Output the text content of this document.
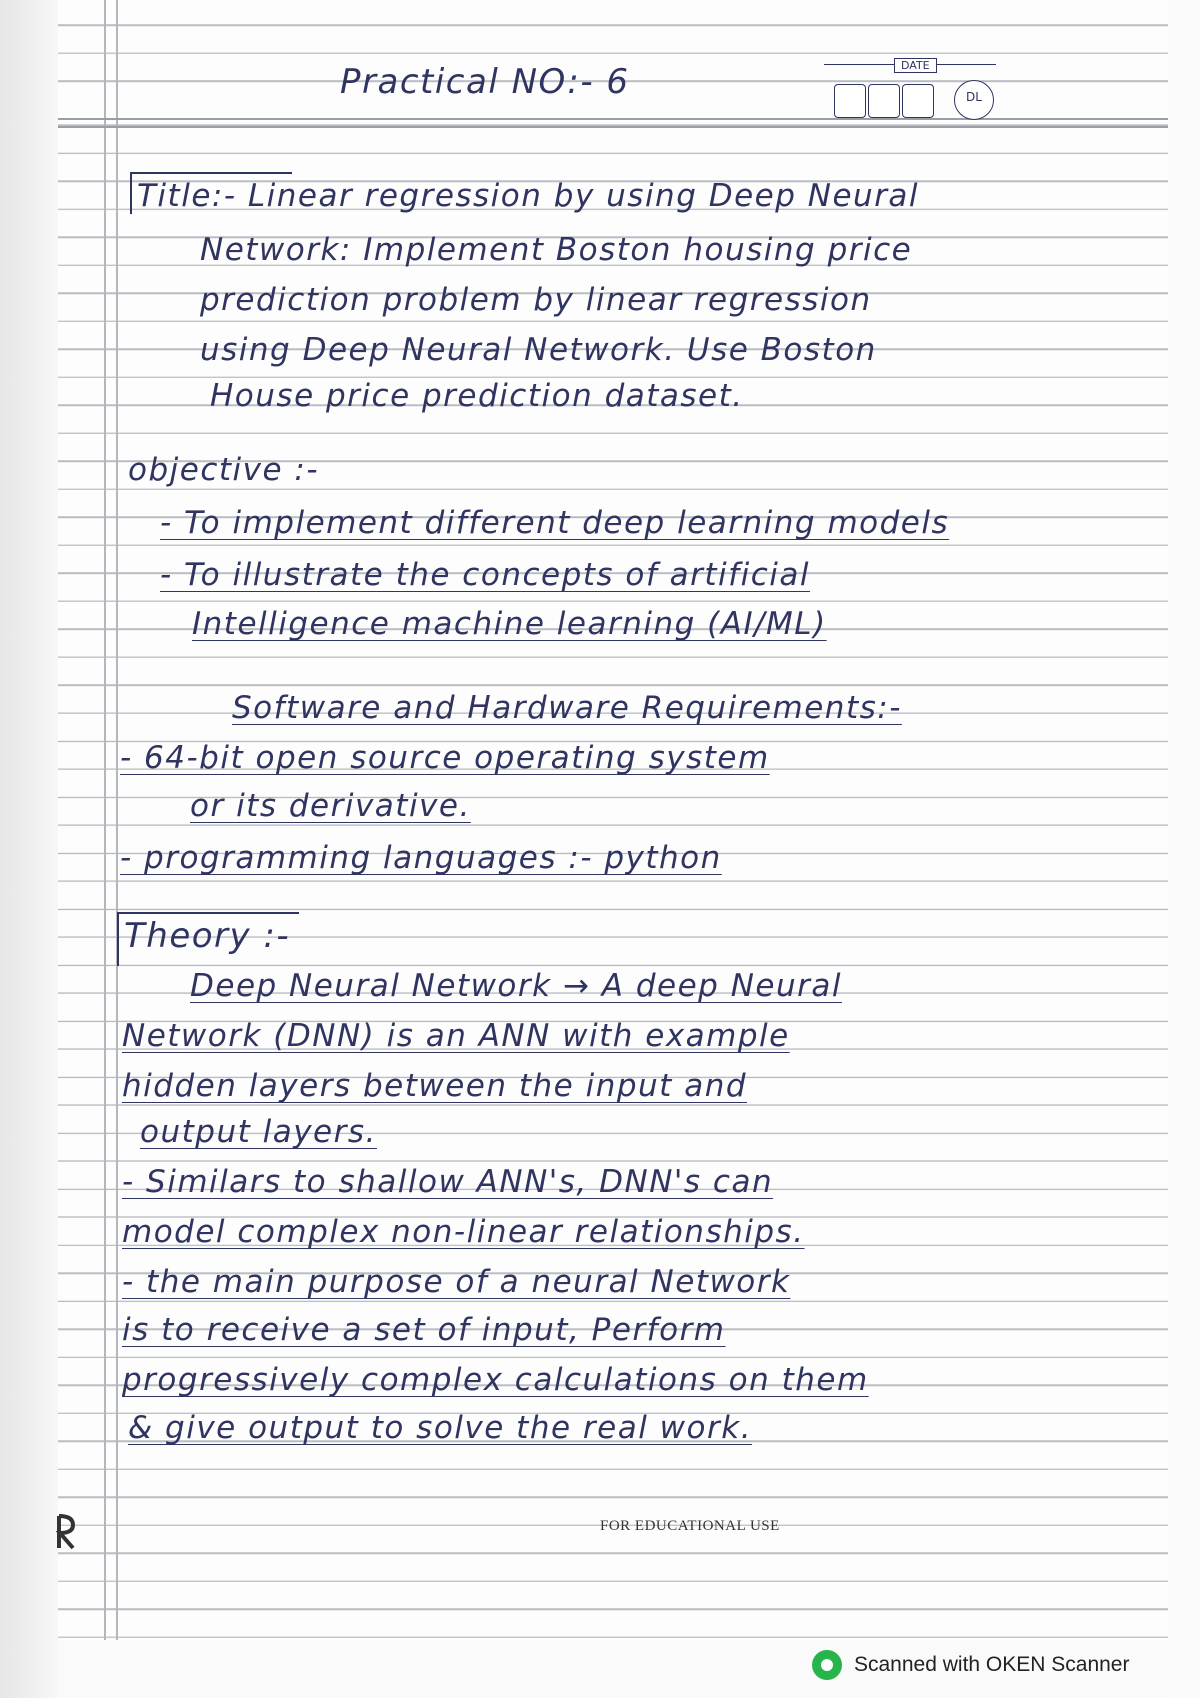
Practical NO:- 6	DATE
DL
Title:- Linear regression by using Deep Neural
Network: Implement Boston housing price
prediction problem by linear regression
using Deep Neural Network. Use Boston
House price prediction dataset.
objective :-
- To implement different deep learning models
- To illustrate the concepts of artificial
Intelligence machine learning (AI/ML)
Software and Hardware Requirements:-
- 64-bit open source operating system
or its derivative.
- programming languages :- python
Theory :-
Deep Neural Network → A deep Neural
Network (DNN) is an ANN with example
hidden layers between the input and
output layers.
- Similars to shallow ANN's, DNN's can
model complex non-linear relationships.
- the main purpose of a neural Network
is to receive a set of input, Perform
progressively complex calculations on them
& give output to solve the real work.
FOR EDUCATIONAL USE
Scanned with OKEN Scanner
